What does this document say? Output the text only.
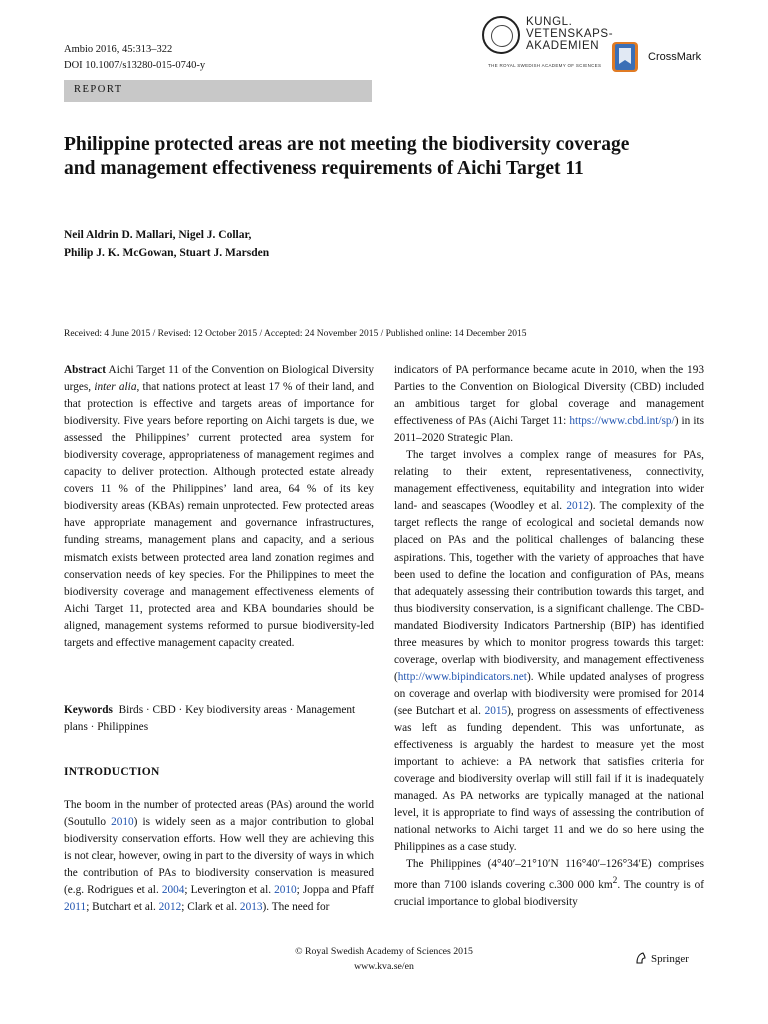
Ambio 2016, 45:313–322
DOI 10.1007/s13280-015-0740-y
KUNGL.
VETENSKAPS-
AKADEMIEN
THE ROYAL SWEDISH ACADEMY OF SCIENCES
CrossMark
REPORT
Philippine protected areas are not meeting the biodiversity coverage and management effectiveness requirements of Aichi Target 11
Neil Aldrin D. Mallari, Nigel J. Collar,
Philip J. K. McGowan, Stuart J. Marsden
Received: 4 June 2015 / Revised: 12 October 2015 / Accepted: 24 November 2015 / Published online: 14 December 2015

Abstract Aichi Target 11 of the Convention on Biological Diversity urges, inter alia, that nations protect at least 17 % of their land, and that protection is effective and targets areas of importance for biodiversity. Five years before reporting on Aichi targets is due, we assessed the Philippines’ current protected area system for biodiversity coverage, appropriateness of management regimes and capacity to deliver protection. Although protected estate already covers 11 % of the Philippines’ land area, 64 % of its key biodiversity areas (KBAs) remain unprotected. Few protected areas have appropriate management and governance infrastructures, funding streams, management plans and capacity, and a serious mismatch exists between protected area land zonation regimes and conservation needs of key species. For the Philippines to meet the biodiversity coverage and management effectiveness elements of Aichi Target 11, protected area and KBA boundaries should be aligned, management systems reformed to pursue biodiversity-led targets and effective management capacity created.

Keywords Birds · CBD · Key biodiversity areas · Management plans · Philippines
INTRODUCTION

The boom in the number of protected areas (PAs) around the world (Soutullo 2010) is widely seen as a major contribution to global biodiversity conservation efforts. How well they are achieving this is not clear, however, owing in part to the diversity of ways in which the contribution of PAs to biodiversity conservation is measured (e.g. Rodrigues et al. 2004; Leverington et al. 2010; Joppa and Pfaff 2011; Butchart et al. 2012; Clark et al. 2013). The need for

indicators of PA performance became acute in 2010, when the 193 Parties to the Convention on Biological Diversity (CBD) included an ambitious target for global coverage and management effectiveness of PAs (Aichi Target 11: https://www.cbd.int/sp/) in its 2011–2020 Strategic Plan.

The target involves a complex range of measures for PAs, relating to their extent, representativeness, connectivity, management effectiveness, equitability and integration into wider land- and seascapes (Woodley et al. 2012). The complexity of the target reflects the range of ecological and societal demands now placed on PAs and the political challenges of balancing these aspirations. This, together with the variety of approaches that have been used to define the location and configuration of PAs, means that adequately assessing their contribution towards this target, and thus biodiversity conservation, is a significant challenge. The CBD-mandated Biodiversity Indicators Partnership (BIP) has identified three measures by which to monitor progress towards this target: coverage, overlap with biodiversity, and management effectiveness (http://www.bipindicators.net). While updated analyses of progress on coverage and overlap with biodiversity were promised for 2014 (see Butchart et al. 2015), progress on assessments of effectiveness was left as funding dependent. This was unfortunate, as effectiveness is arguably the hardest to measure yet the most important to achieve: a PA network that satisfies criteria for coverage and biodiversity overlap will still fail if it is inadequately managed. As PA networks are typically managed at the national level, it is appropriate to find ways of assessing the contribution of national networks to Aichi target 11 and we do so here using the Philippines as a case study.

The Philippines (4°40′–21°10′N 116°40′–126°34′E) comprises more than 7100 islands covering c.300 000 $km^2$. The country is of crucial importance to global biodiversity

© Royal Swedish Academy of Sciences 2015
www.kva.se/en
Springer
